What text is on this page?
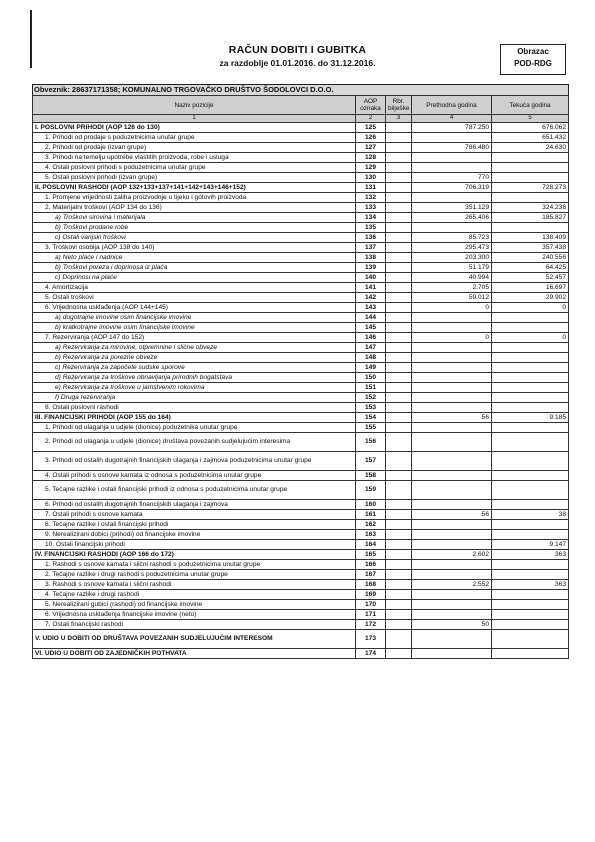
RAČUN DOBITI I GUBITKA
za razdoblje 01.01.2016. do 31.12.2016.
Obrazac
POD-RDG
Obveznik: 28637171358; KOMUNALNO TRGOVAČKO DRUŠTVO ŠODOLOVCI D.O.O.
Naziv pozicije	AOP oznaka	Rbr. bilješke	Prethodna godina	Tekuća godina
1	2	3	4	5
I. POSLOVNI PRIHODI (AOP 126 do 130)	125		787.250	676.062
1. Prihodi od prodaje s poduzetnicima unutar grupe	126			651.432
2. Prihodi od prodaje (izvan grupe)	127		786.480	24.630
3. Prihodi na temelju upotrebe vlastitih proizvoda, robe i usluga	128			
4. Ostali poslovni prihodi s poduzetnicima unutar grupe	129			
5. Ostali poslovni prihodi (izvan grupe)	130		770	
II. POSLOVNI RASHODI (AOP 132+133+137+141+142+143+146+152)	131		706.319	728.273
1. Promjene vrijednosti zaliha proizvodnje u tijeku i gotovih proizvoda	132			
2. Materijalni troškovi (AOP 134 do 136)	133		351.129	324.236
a) Troškovi sirovina i materijala	134		265.406	185.827
b) Troškovi prodane robe	135			
c) Ostali vanjski troškovi	136		85.723	138.409
3. Troškovi osoblja (AOP 138 do 140)	137		295.473	357.438
a) Neto plaće i nadnice	138		203.300	240.556
b) Troškovi poreza i doprinosa iz plaća	139		51.179	64.425
c) Doprinosi na plaće	140		40.994	52.457
4. Amortizacija	141		2.705	16.697
5. Ostali troškovi	142		59.012	29.902
6. Vrijednosna usklađenja (AOP 144+145)	143		0	0
a) dugotrajne imovine osim financijske imovine	144			
b) kratkotrajne imovine osim financijske imovine	145			
7. Rezerviranja (AOP 147 do 152)	146		0	0
a) Rezerviranja za mirovine, otpremnine i slične obveze	147			
b) Rezerviranja za porezne obveze	148			
c) Rezerviranja za započete sudske sporove	149			
d) Rezerviranja za troškove obnavljanja prirodnih bogatstava	150			
e) Rezerviranja za troškove u jamstvenim rokovima	151			
f) Druga rezerviranja	152			
8. Ostali poslovni rashodi	153			
III. FINANCIJSKI PRIHODI (AOP 155 do 164)	154		56	9.185
1. Prihodi od ulaganja u udjele (dionice) poduzetnika unutar grupe	155			
2. Prihodi od ulaganja u udjele (dionice) društava povezanih sudjelujućim interesima	156			
3. Prihodi od ostalih dugotrajnih financijskih ulaganja i zajmova poduzetnicima unutar grupe	157			
4. Ostali prihodi s osnove kamata iz odnosa s poduzetnicima unutar grupe	158			
5. Tečajne razlike i ostali financijski prihodi iz odnosa s poduzetnicima unutar grupe	159			
6. Prihodi od ostalih dugotrajnih financijskih ulaganja i zajmova	160			
7. Ostali prihodi s osnove kamata	161		56	38
8. Tečajne razlike i ostali financijski prihodi	162			
9. Nerealizirani dobici (prihodi) od financijske imovine	163			
10. Ostali financijski prihodi	164			9.147
IV. FINANCIJSKI RASHODI (AOP 166 do 172)	165		2.602	363
1. Rashodi s osnove kamata i slični rashodi s poduzetnicima unutar grupe	166			
2. Tečajne razlike i drugi rashodi s poduzetnicima unutar grupe	167			
3. Rashodi s osnove kamata i slični rashodi	168		2.552	363
4. Tečajne razlike i drugi rashodi	169			
5. Nerealizirani gubici (rashodi) od financijske imovine	170			
6. Vrijednosna usklađenja financijske imovine (neto)	171			
7. Ostali financijski rashodi	172		50	
V. UDIO U DOBITI OD DRUŠTAVA POVEZANIH SUDJELUJUĆIM INTERESOM	173			
VI. UDIO U DOBITI OD ZAJEDNIČKIH POTHVATA	174			
